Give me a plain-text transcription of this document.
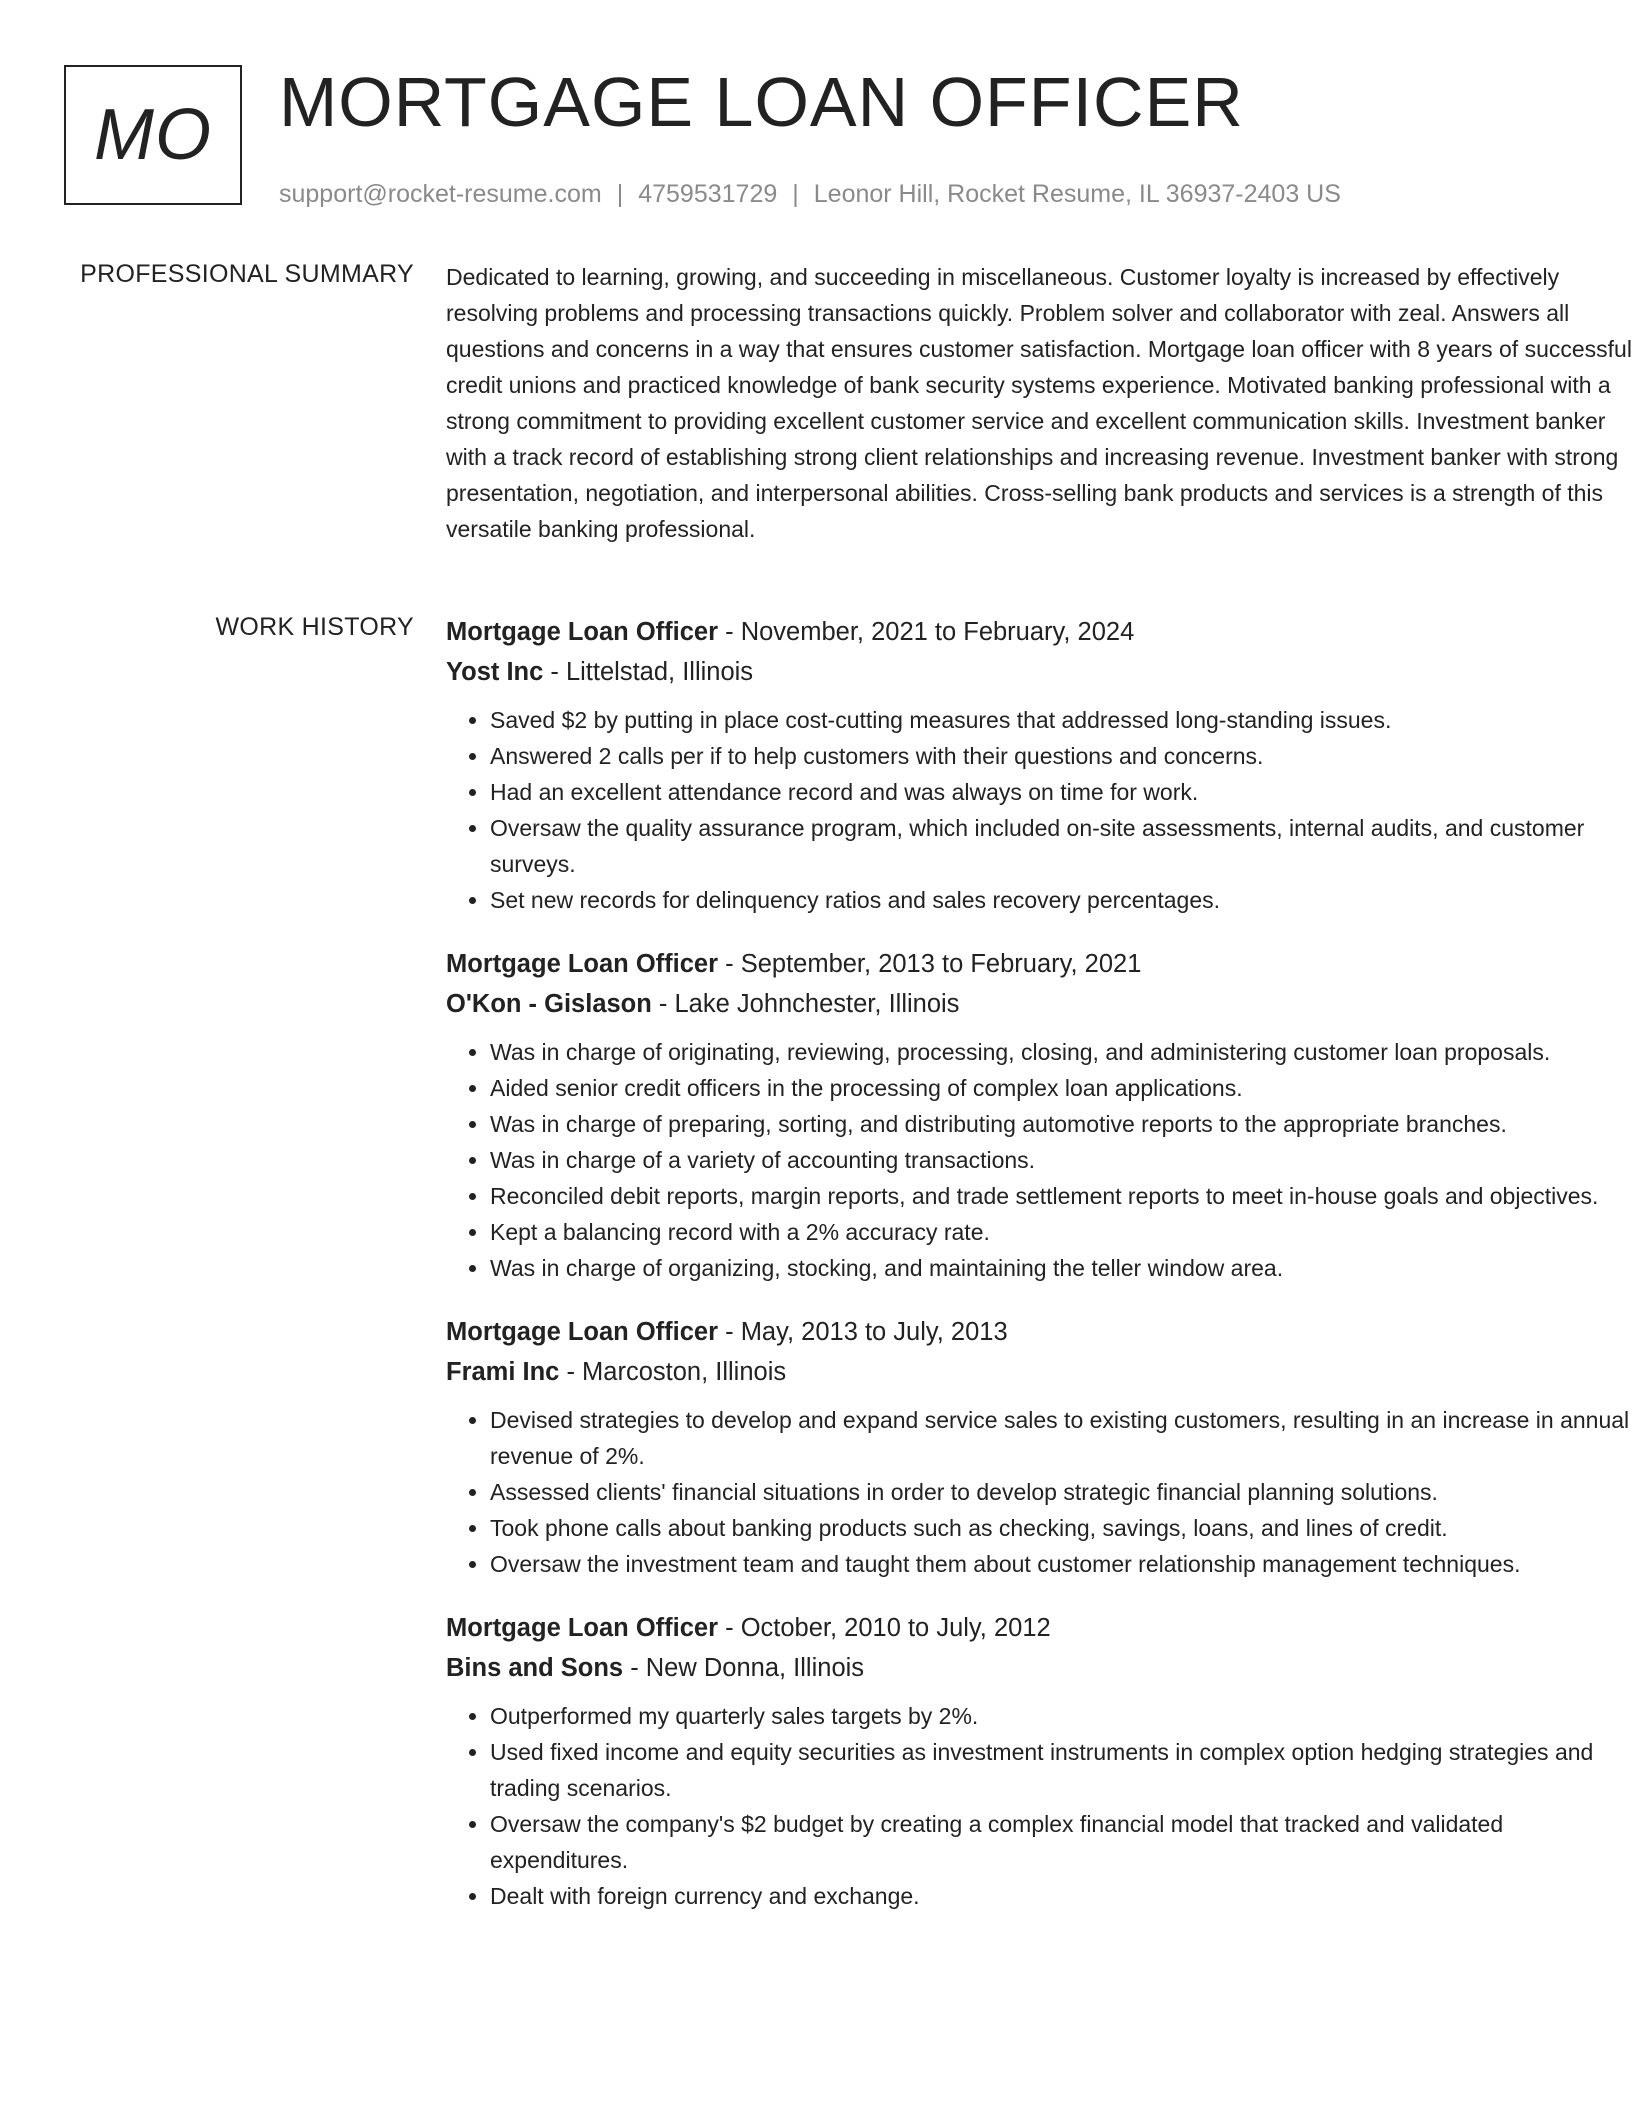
MO MORTGAGE LOAN OFFICER
support@rocket-resume.com | 4759531729 | Leonor Hill, Rocket Resume, IL 36937-2403 US
PROFESSIONAL SUMMARY Dedicated to learning, growing, and succeeding in miscellaneous. Customer loyalty is increased by effectively resolving problems and processing transactions quickly. Problem solver and collaborator with zeal. Answers all questions and concerns in a way that ensures customer satisfaction. Mortgage loan officer with 8 years of successful credit unions and practiced knowledge of bank security systems experience. Motivated banking professional with a strong commitment to providing excellent customer service and excellent communication skills. Investment banker with a track record of establishing strong client relationships and increasing revenue. Investment banker with strong presentation, negotiation, and interpersonal abilities. Cross-selling bank products and services is a strength of this versatile banking professional.

WORK HISTORY Mortgage Loan Officer - November, 2021 to February, 2024
Yost Inc - Littelstad, Illinois
• Saved $2 by putting in place cost-cutting measures that addressed long-standing issues.
• Answered 2 calls per if to help customers with their questions and concerns.
• Had an excellent attendance record and was always on time for work.
• Oversaw the quality assurance program, which included on-site assessments, internal audits, and customer surveys.
• Set new records for delinquency ratios and sales recovery percentages.
Mortgage Loan Officer - September, 2013 to February, 2021
O'Kon - Gislason - Lake Johnchester, Illinois
• Was in charge of originating, reviewing, processing, closing, and administering customer loan proposals.
• Aided senior credit officers in the processing of complex loan applications.
• Was in charge of preparing, sorting, and distributing automotive reports to the appropriate branches.
• Was in charge of a variety of accounting transactions.
• Reconciled debit reports, margin reports, and trade settlement reports to meet in-house goals and objectives.
• Kept a balancing record with a 2% accuracy rate.
• Was in charge of organizing, stocking, and maintaining the teller window area.
Mortgage Loan Officer - May, 2013 to July, 2013
Frami Inc - Marcoston, Illinois
• Devised strategies to develop and expand service sales to existing customers, resulting in an increase in annual revenue of 2%.
• Assessed clients' financial situations in order to develop strategic financial planning solutions.
• Took phone calls about banking products such as checking, savings, loans, and lines of credit.
• Oversaw the investment team and taught them about customer relationship management techniques.
Mortgage Loan Officer - October, 2010 to July, 2012
Bins and Sons - New Donna, Illinois
• Outperformed my quarterly sales targets by 2%.
• Used fixed income and equity securities as investment instruments in complex option hedging strategies and trading scenarios.
• Oversaw the company's $2 budget by creating a complex financial model that tracked and validated expenditures.
• Dealt with foreign currency and exchange.
